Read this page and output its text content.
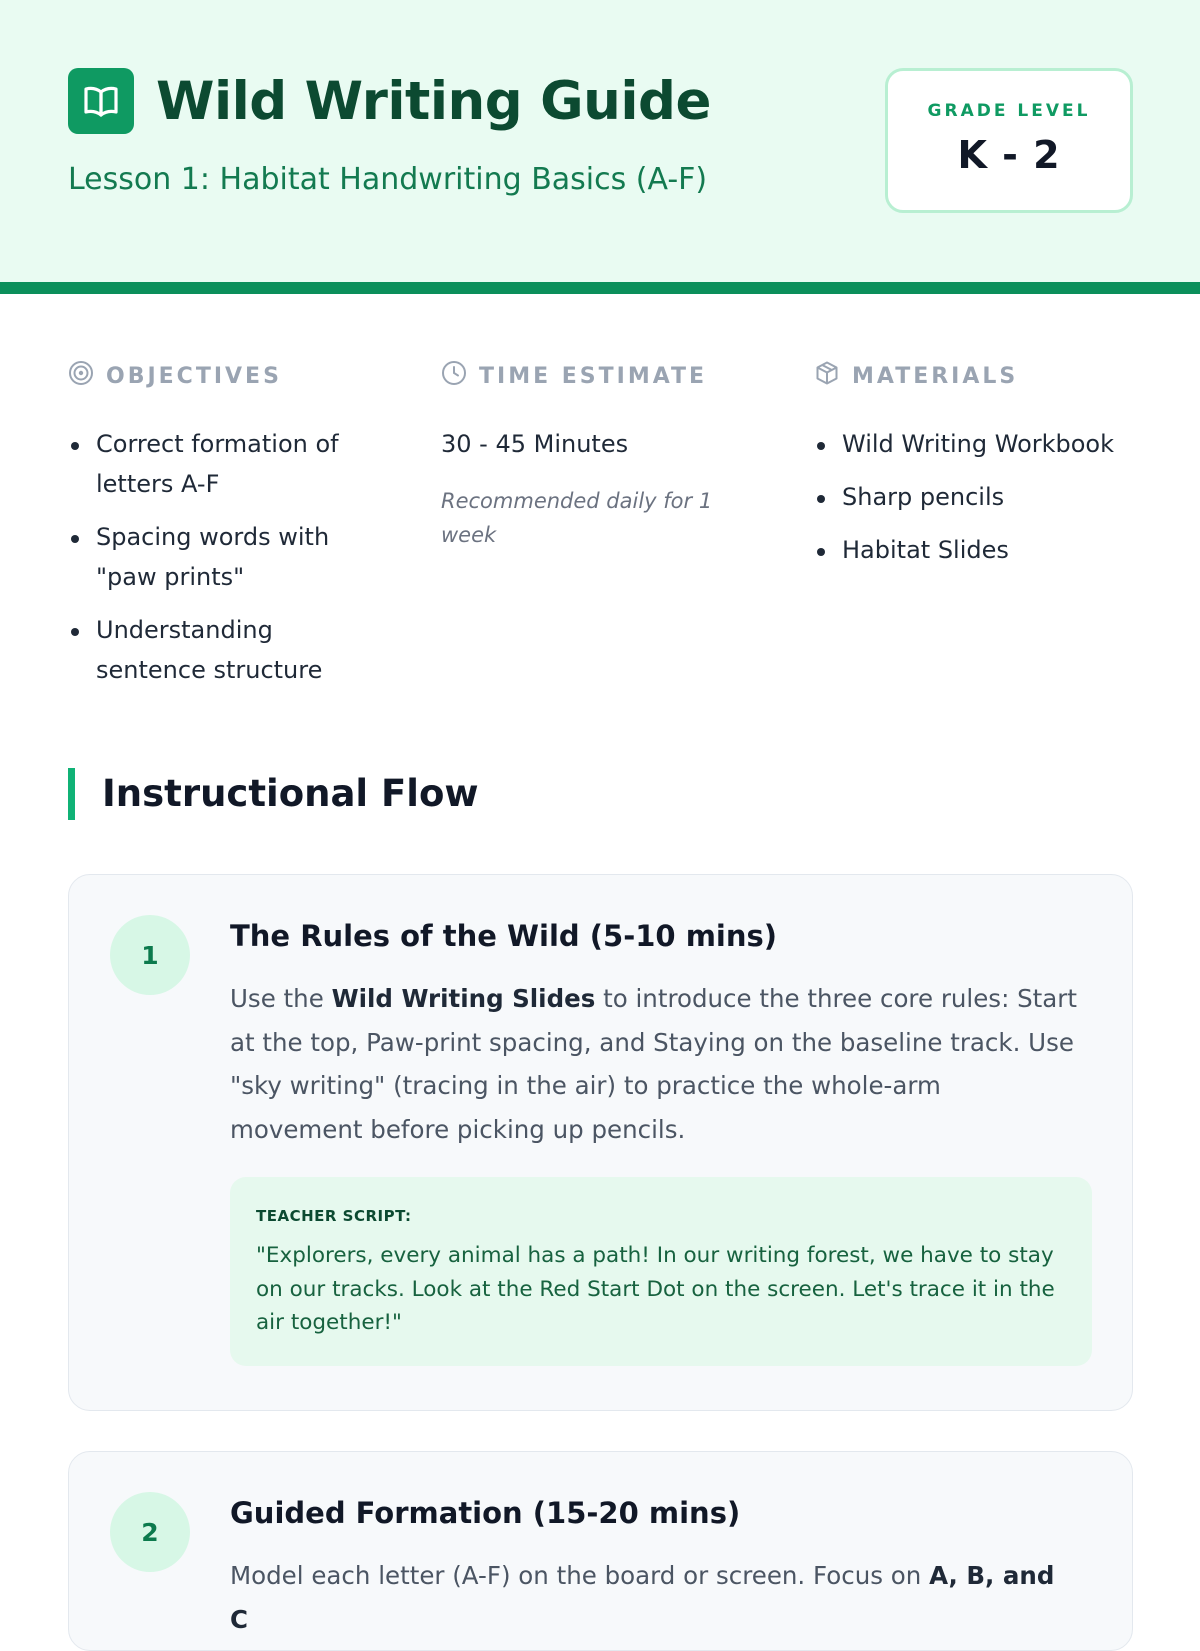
Wild Writing Guide
Lesson 1: Habitat Handwriting Basics (A-F)
GRADE LEVEL
K - 2
OBJECTIVES
Correct formation of letters A-F
Spacing words with "paw prints"
Understanding sentence structure
TIME ESTIMATE
30 - 45 Minutes
Recommended daily for 1 week
MATERIALS
Wild Writing Workbook
Sharp pencils
Habitat Slides
Instructional Flow
1
The Rules of the Wild (5-10 mins)
Use the Wild Writing Slides to introduce the three core rules: Start at the top, Paw-print spacing, and Staying on the baseline track. Use "sky writing" (tracing in the air) to practice the whole-arm movement before picking up pencils.
TEACHER SCRIPT:
"Explorers, every animal has a path! In our writing forest, we have to stay on our tracks. Look at the Red Start Dot on the screen. Let's trace it in the air together!"
2
Guided Formation (15-20 mins)
Model each letter (A-F) on the board or screen. Focus on A, B, and C
